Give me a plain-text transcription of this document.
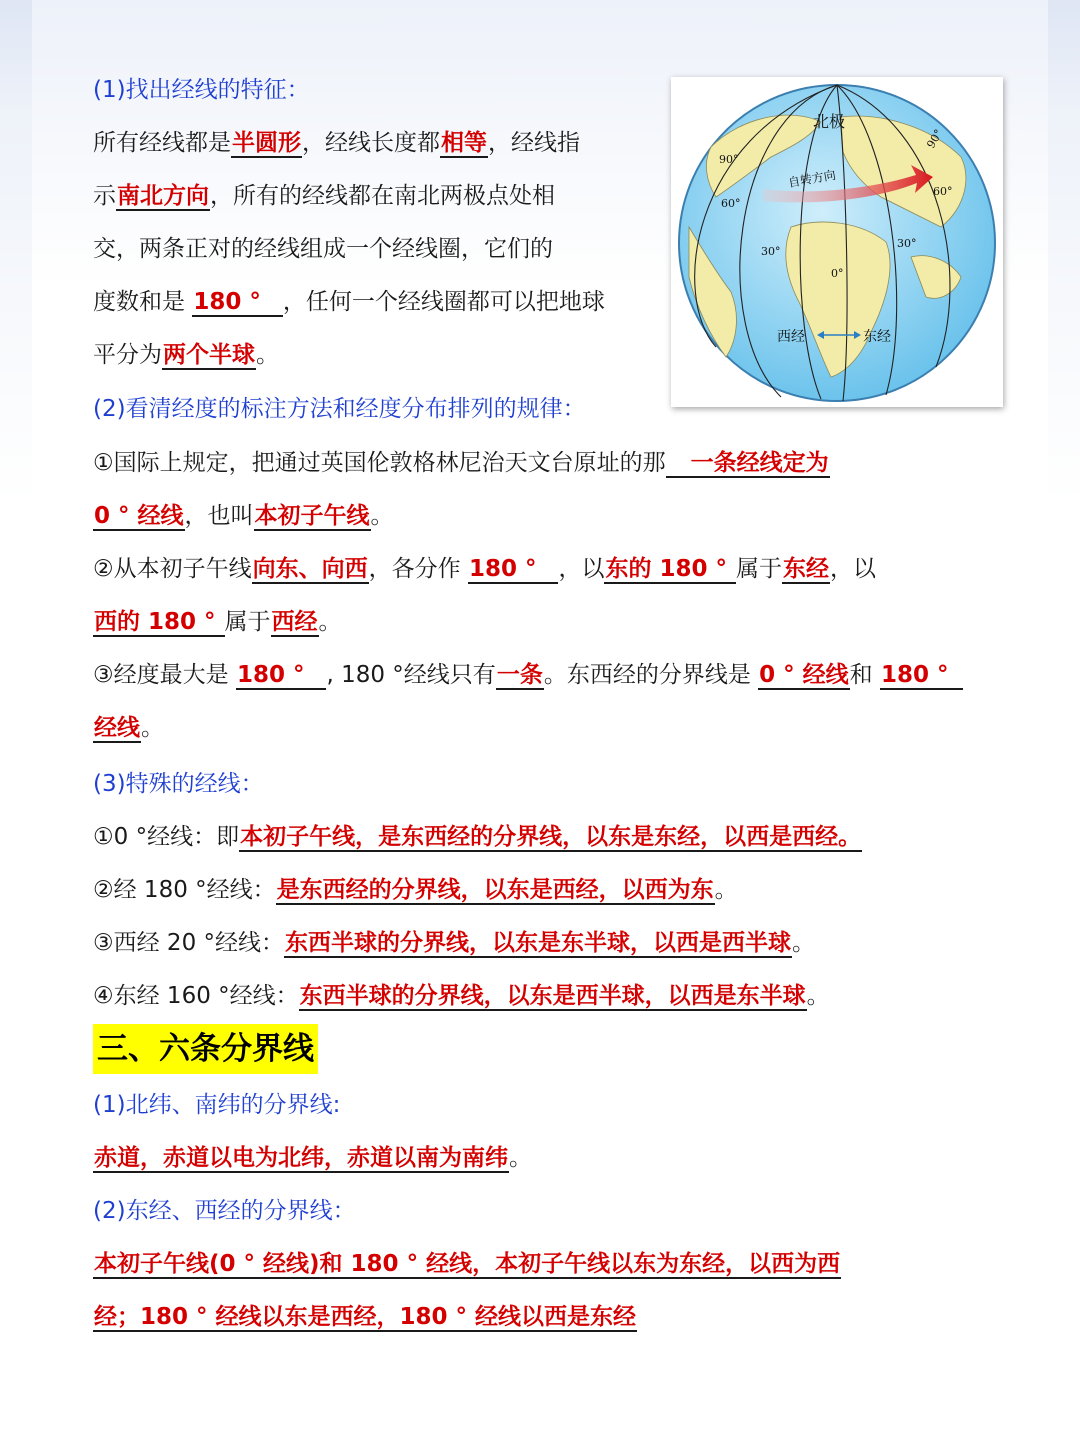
(1)找出经线的特征：
所有经线都是半圆形，经线长度都相等，经线指
示南北方向，所有的经线都在南北两极点处相
交，两条正对的经线组成一个经线圈，它们的
度数和是 180 ° ，任何一个经线圈都可以把地球
平分为两个半球。
北极
自转方向
西经	东经
90°
90°
60°
60°
30°
30°
0°
(2)看清经度的标注方法和经度分布排列的规律：
①国际上规定，把通过英国伦敦格林尼治天文台原址的那   一条经线定为
0 ° 经线，也叫本初子午线。
②从本初子午线向东、向西，各分作 180 ° ，以东的 180 ° 属于东经，以
西的 180 ° 属于西经。
③经度最大是 180 ° , 180 °经线只有一条。东西经的分界线是 0 ° 经线和 180 °
经线。
(3)特殊的经线：
①0 °经线：即本初子午线，是东西经的分界线，以东是东经，以西是西经。
②经 180 °经线：是东西经的分界线，以东是西经，以西为东。
③西经 20 °经线：东西半球的分界线，以东是东半球，以西是西半球。
④东经 160 °经线：东西半球的分界线，以东是西半球，以西是东半球。
三、六条分界线
(1)北纬、南纬的分界线:
赤道，赤道以电为北纬，赤道以南为南纬。
(2)东经、西经的分界线：
本初子午线(0 ° 经线)和 180 ° 经线，本初子午线以东为东经，以西为西
经；180 ° 经线以东是西经，180 ° 经线以西是东经
